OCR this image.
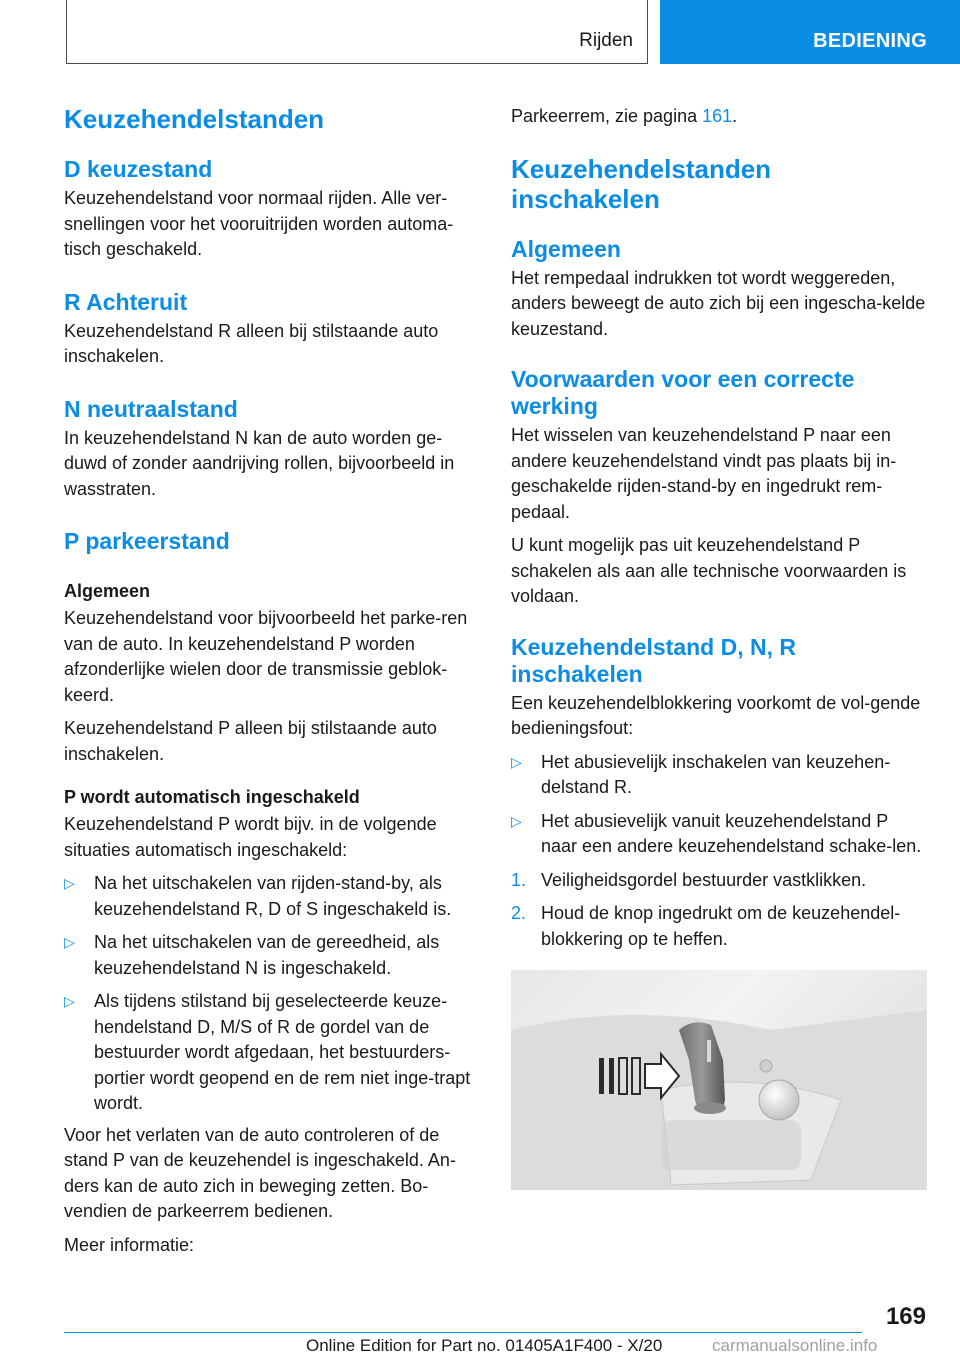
Rijden	BEDIENING
Keuzehendelstanden
D keuzestand

Keuzehendelstand voor normaal rijden. Alle ver-snellingen voor het vooruitrijden worden automa-tisch geschakeld.

R Achteruit

Keuzehendelstand R alleen bij stilstaande auto inschakelen.

N neutraalstand

In keuzehendelstand N kan de auto worden ge-duwd of zonder aandrijving rollen, bijvoorbeeld in wasstraten.

P parkeerstand
Algemeen

Keuzehendelstand voor bijvoorbeeld het parke-ren van de auto. In keuzehendelstand P worden afzonderlijke wielen door de transmissie geblok-keerd.

Keuzehendelstand P alleen bij stilstaande auto inschakelen.

P wordt automatisch ingeschakeld

Keuzehendelstand P wordt bijv. in de volgende situaties automatisch ingeschakeld:

▷ Na het uitschakelen van rijden-stand-by, als keuzehendelstand R, D of S ingeschakeld is.
▷ Na het uitschakelen van de gereedheid, als keuzehendelstand N is ingeschakeld.
▷ Als tijdens stilstand bij geselecteerde keuze-hendelstand D, M/S of R de gordel van de bestuurder wordt afgedaan, het bestuurders-portier wordt geopend en de rem niet inge-trapt wordt.

Voor het verlaten van de auto controleren of de stand P van de keuzehendel is ingeschakeld. An-ders kan de auto zich in beweging zetten. Bo-vendien de parkeerrem bedienen.

Meer informatie:

Parkeerrem, zie pagina 161.

Keuzehendelstanden inschakelen
Algemeen

Het rempedaal indrukken tot wordt weggereden, anders beweegt de auto zich bij een ingescha-kelde keuzestand.

Voorwaarden voor een correcte werking

Het wisselen van keuzehendelstand P naar een andere keuzehendelstand vindt pas plaats bij in-geschakelde rijden-stand-by en ingedrukt rem-pedaal.

U kunt mogelijk pas uit keuzehendelstand P schakelen als aan alle technische voorwaarden is voldaan.

Keuzehendelstand D, N, R inschakelen

Een keuzehendelblokkering voorkomt de vol-gende bedieningsfout:

▷ Het abusievelijk inschakelen van keuzehen-delstand R.
▷ Het abusievelijk vanuit keuzehendelstand P naar een andere keuzehendelstand schake-len.
1. Veiligheidsgordel bestuurder vastklikken.
2. Houd de knop ingedrukt om de keuzehendel-blokkering op te heffen.
169
Online Edition for Part no. 01405A1F400 - X/20	carmanualsonline.info
